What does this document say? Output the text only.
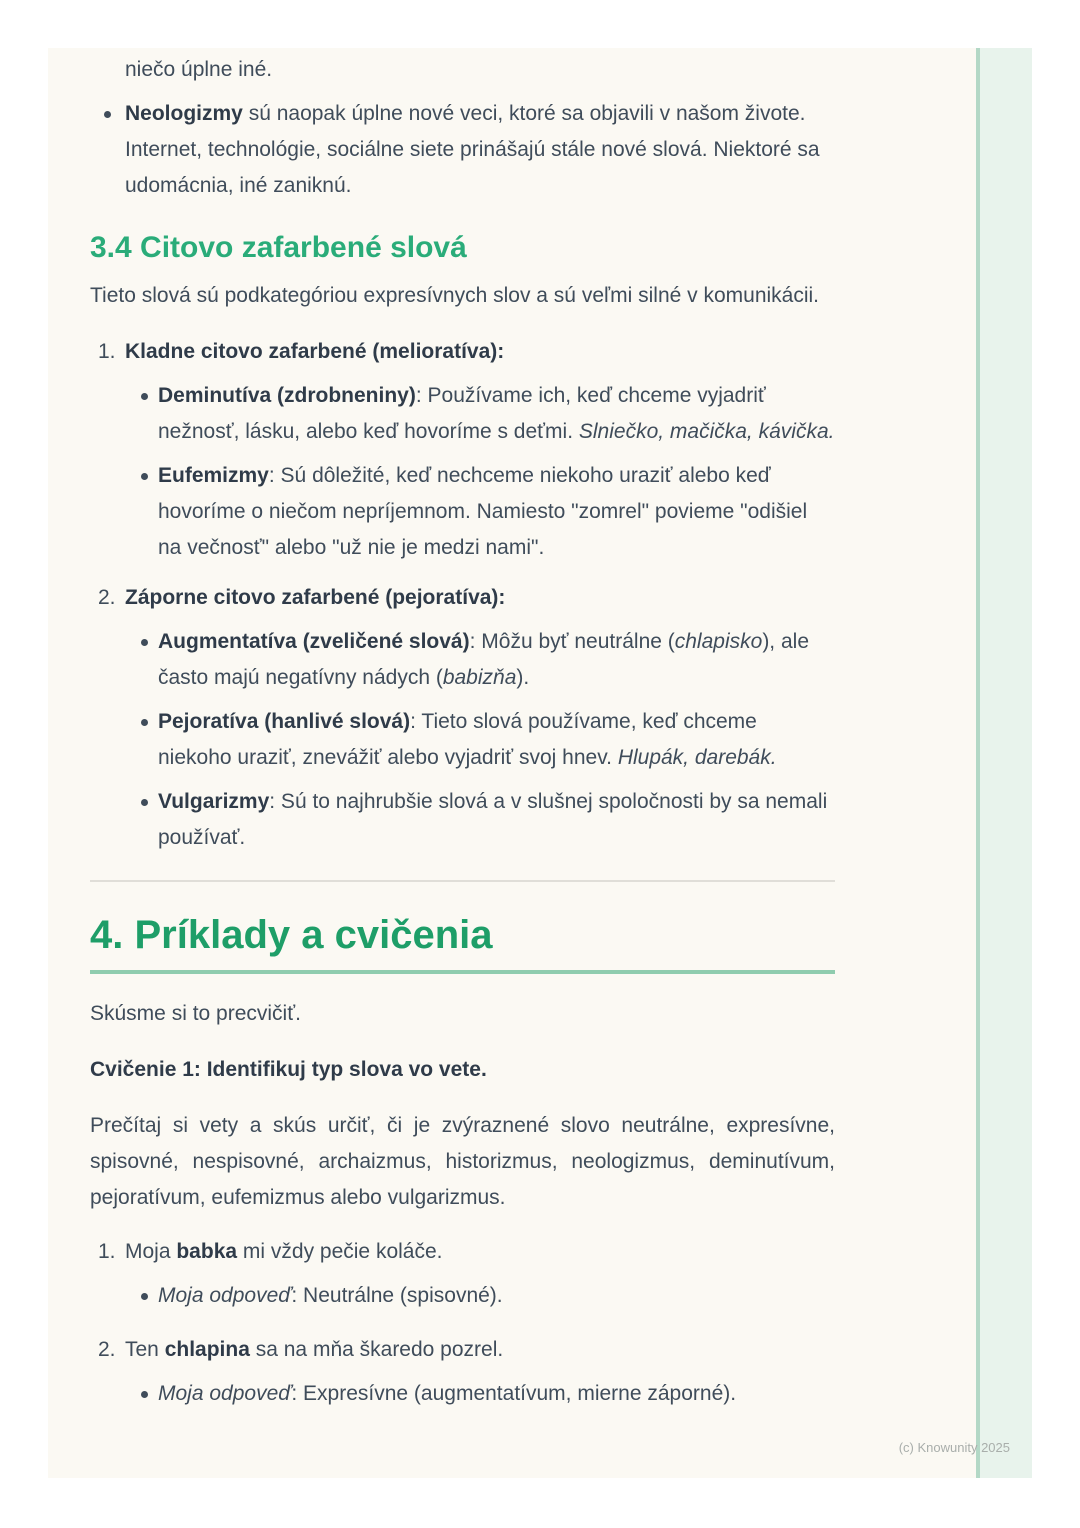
niečo úplne iné.
Neologizmy sú naopak úplne nové veci, ktoré sa objavili v našom živote. Internet, technológie, sociálne siete prinášajú stále nové slová. Niektoré sa udomácnia, iné zaniknú.
3.4 Citovo zafarbené slová

Tieto slová sú podkategóriou expresívnych slov a sú veľmi silné v komunikácii.

1. Kladne citovo zafarbené (melioratíva):
Deminutíva (zdrobneniny): Používame ich, keď chceme vyjadriť nežnosť, lásku, alebo keď hovoríme s deťmi. Slniečko, mačička, kávička.
Eufemizmy: Sú dôležité, keď nechceme niekoho uraziť alebo keď hovoríme o niečom nepríjemnom. Namiesto "zomrel" povieme "odišiel na večnosť" alebo "už nie je medzi nami".
2. Záporne citovo zafarbené (pejoratíva):
Augmentatíva (zveličené slová): Môžu byť neutrálne (chlapisko), ale často majú negatívny nádych (babizňa).
Pejoratíva (hanlivé slová): Tieto slová používame, keď chceme niekoho uraziť, znevážiť alebo vyjadriť svoj hnev. Hlupák, darebák.
Vulgarizmy: Sú to najhrubšie slová a v slušnej spoločnosti by sa nemali používať.
4. Príklady a cvičenia

Skúsme si to precvičiť.

Cvičenie 1: Identifikuj typ slova vo vete.

Prečítaj si vety a skús určiť, či je zvýraznené slovo neutrálne, expresívne, spisovné, nespisovné, archaizmus, historizmus, neologizmus, deminutívum, pejoratívum, eufemizmus alebo vulgarizmus.

1. Moja babka mi vždy pečie koláče.
Moja odpoveď: Neutrálne (spisovné).
2. Ten chlapina sa na mňa škaredo pozrel.
Moja odpoveď: Expresívne (augmentatívum, mierne záporné).
(c) Knowunity 2025
